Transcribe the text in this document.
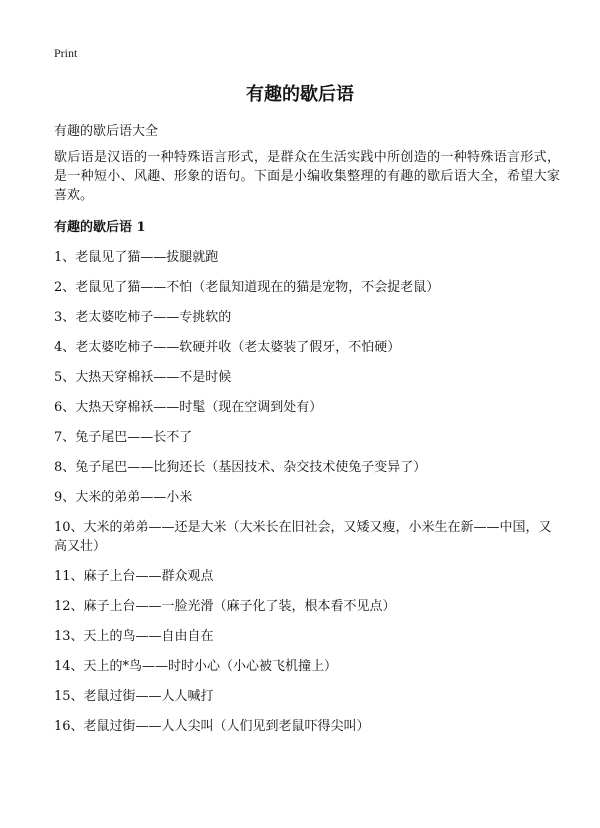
Print
有趣的歇后语

有趣的歇后语大全

歇后语是汉语的一种特殊语言形式，是群众在生活实践中所创造的一种特殊语言形式，是一种短小、风趣、形象的语句。下面是小编收集整理的有趣的歇后语大全，希望大家喜欢。

有趣的歇后语 1
1、老鼠见了猫——拔腿就跑
2、老鼠见了猫——不怕（老鼠知道现在的猫是宠物，不会捉老鼠）
3、老太婆吃柿子——专挑软的
4、老太婆吃柿子——软硬并收（老太婆装了假牙，不怕硬）
5、大热天穿棉袄——不是时候
6、大热天穿棉袄——时髦（现在空调到处有）
7、兔子尾巴——长不了
8、兔子尾巴——比狗还长（基因技术、杂交技术使兔子变异了）
9、大米的弟弟——小米
10、大米的弟弟——还是大米（大米长在旧社会，又矮又瘦，小米生在新——中国，又高又壮）
11、麻子上台——群众观点
12、麻子上台——一脸光滑（麻子化了装，根本看不见点）
13、天上的鸟——自由自在
14、天上的*鸟——时时小心（小心被飞机撞上）
15、老鼠过街——人人喊打
16、老鼠过街——人人尖叫（人们见到老鼠吓得尖叫）
